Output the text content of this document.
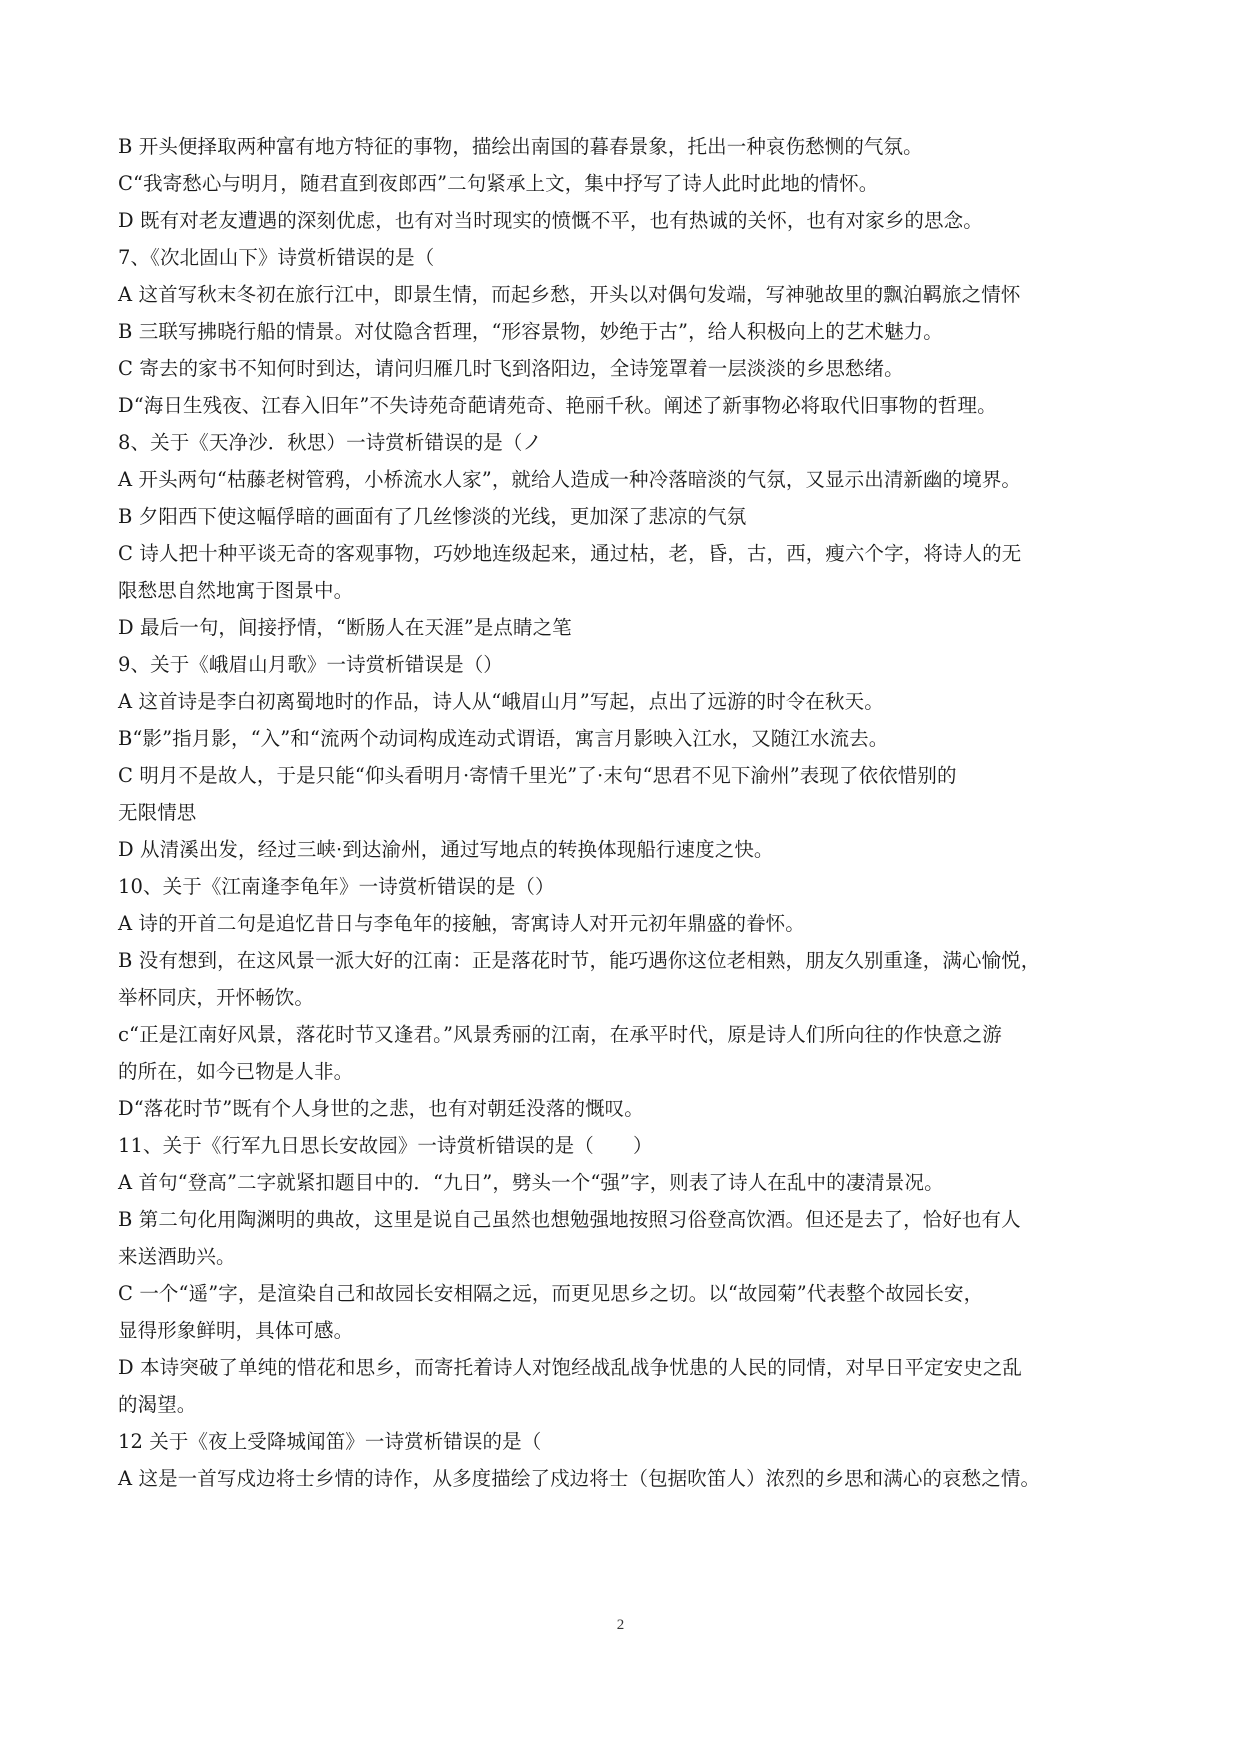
B 开头便择取两种富有地方特征的事物，描绘出南国的暮春景象，托出一种哀伤愁恻的气氛。
C“我寄愁心与明月，随君直到夜郎西”二句紧承上文，集中抒写了诗人此时此地的情怀。
D 既有对老友遭遇的深刻优虑，也有对当时现实的愤慨不平，也有热诚的关怀，也有对家乡的思念。
7、《次北固山下》诗赏析错误的是（
A 这首写秋末冬初在旅行江中，即景生情，而起乡愁，开头以对偶句发端，写神驰故里的飘泊羁旅之情怀
B 三联写拂晓行船的情景。对仗隐含哲理，“形容景物，妙绝于古”，给人积极向上的艺术魅力。
C 寄去的家书不知何时到达，请问归雁几时飞到洛阳边，全诗笼罩着一层淡淡的乡思愁绪。
D“海日生残夜、江春入旧年”不失诗苑奇葩请苑奇、艳丽千秋。阐述了新事物必将取代旧事物的哲理。
8、关于《天净沙．秋思）一诗赏析错误的是（ノ
A 开头两句“枯藤老树管鸦，小桥流水人家”，就给人造成一种冷落暗淡的气氛，又显示出清新幽的境界。
B 夕阳西下使这幅俘暗的画面有了几丝惨淡的光线，更加深了悲凉的气氛
C 诗人把十种平谈无奇的客观事物，巧妙地连级起来，通过枯，老，昏，古，西，瘦六个字，将诗人的无
限愁思自然地寓于图景中。
D 最后一句，间接抒情，“断肠人在天涯”是点睛之笔
9、关于《峨眉山月歌》一诗赏析错误是（）
A 这首诗是李白初离蜀地时的作品，诗人从“峨眉山月”写起，点出了远游的时令在秋天。
B“影”指月影，“入”和“流两个动词构成连动式谓语，寓言月影映入江水，又随江水流去。
C 明月不是故人，于是只能“仰头看明月·寄情千里光”了·末句“思君不见下渝州”表现了依依惜别的
无限情思
D 从清溪出发，经过三峡·到达渝州，通过写地点的转换体现船行速度之快。
10、关于《江南逢李龟年》一诗赏析错误的是（）
A 诗的开首二句是追忆昔日与李龟年的接触，寄寓诗人对开元初年鼎盛的眷怀。
B 没有想到，在这风景一派大好的江南：正是落花时节，能巧遇你这位老相熟，朋友久别重逢，满心愉悦，
举杯同庆，开怀畅饮。
c“正是江南好风景，落花时节又逢君。”风景秀丽的江南，在承平时代，原是诗人们所向往的作快意之游
的所在，如今已物是人非。
D“落花时节”既有个人身世的之悲，也有对朝廷没落的慨叹。
11、关于《行军九日思长安故园》一诗赏析错误的是（　　）
A 首句“登高”二字就紧扣题目中的．“九日”，劈头一个“强”字，则表了诗人在乱中的凄清景况。
B 第二句化用陶渊明的典故，这里是说自己虽然也想勉强地按照习俗登高饮酒。但还是去了，恰好也有人
来送酒助兴。
C 一个“遥”字，是渲染自己和故园长安相隔之远，而更见思乡之切。以“故园菊”代表整个故园长安，
显得形象鲜明，具体可感。
D 本诗突破了单纯的惜花和思乡，而寄托着诗人对饱经战乱战争忧患的人民的同情，对早日平定安史之乱
的渴望。
12 关于《夜上受降城闻笛》一诗赏析错误的是（
A 这是一首写戍边将士乡情的诗作，从多度描绘了戍边将士（包据吹笛人）浓烈的乡思和满心的哀愁之情。
2
